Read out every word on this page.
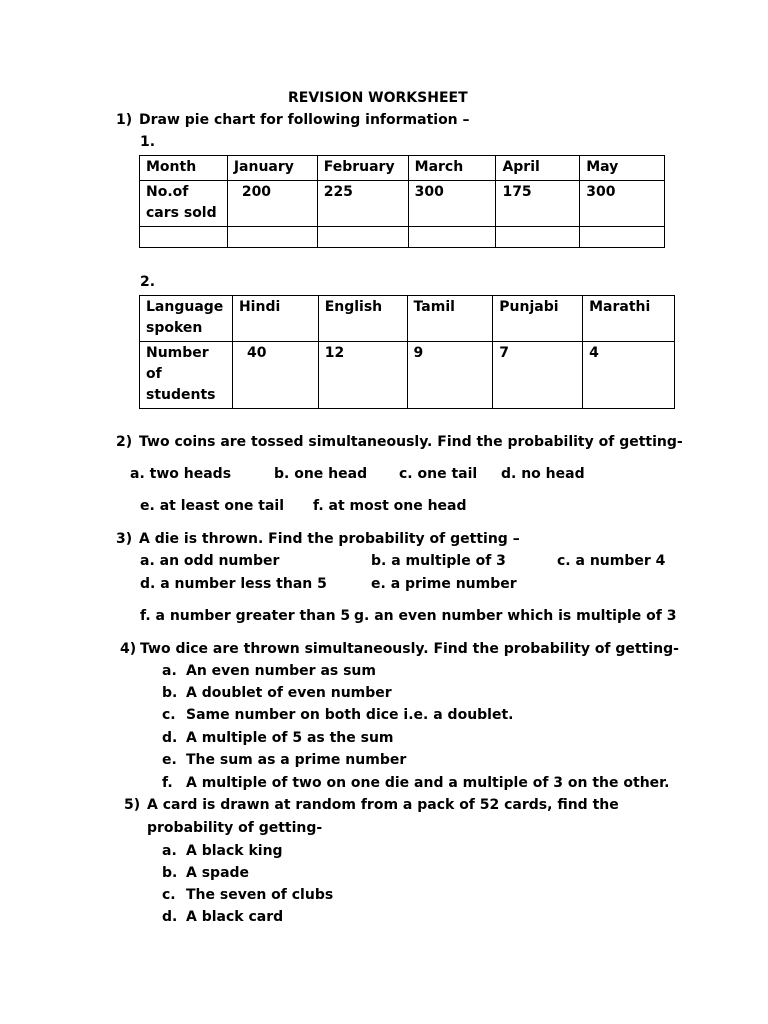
REVISION WORKSHEET
1) Draw pie chart for following information –
1.
Month	January	February	March	April	May
No.of cars sold	200	225	300	175	300

2.
Language spoken	Hindi	English	Tamil	Punjabi	Marathi
Number of students	40	12	9	7	4
2) Two coins are tossed simultaneously. Find the probability of getting-
a. two heads	b. one head c. one tail d. no head
e. at least one tail f. at most one head
3) A die is thrown. Find the probability of getting –
a. an odd number	b. a multiple of 3	c. a number 4
d. a number less than 5	e. a prime number
f. a number greater than 5 g. an even number which is multiple of 3
4) Two dice are thrown simultaneously. Find the probability of getting-
a. An even number as sum
b. A doublet of even number
c. Same number on both dice i.e. a doublet.
d. A multiple of 5 as the sum
e. The sum as a prime number
f. A multiple of two on one die and a multiple of 3 on the other.
5) A card is drawn at random from a pack of 52 cards, find the
probability of getting-
a. A black king
b. A spade
c. The seven of clubs
d. A black card
